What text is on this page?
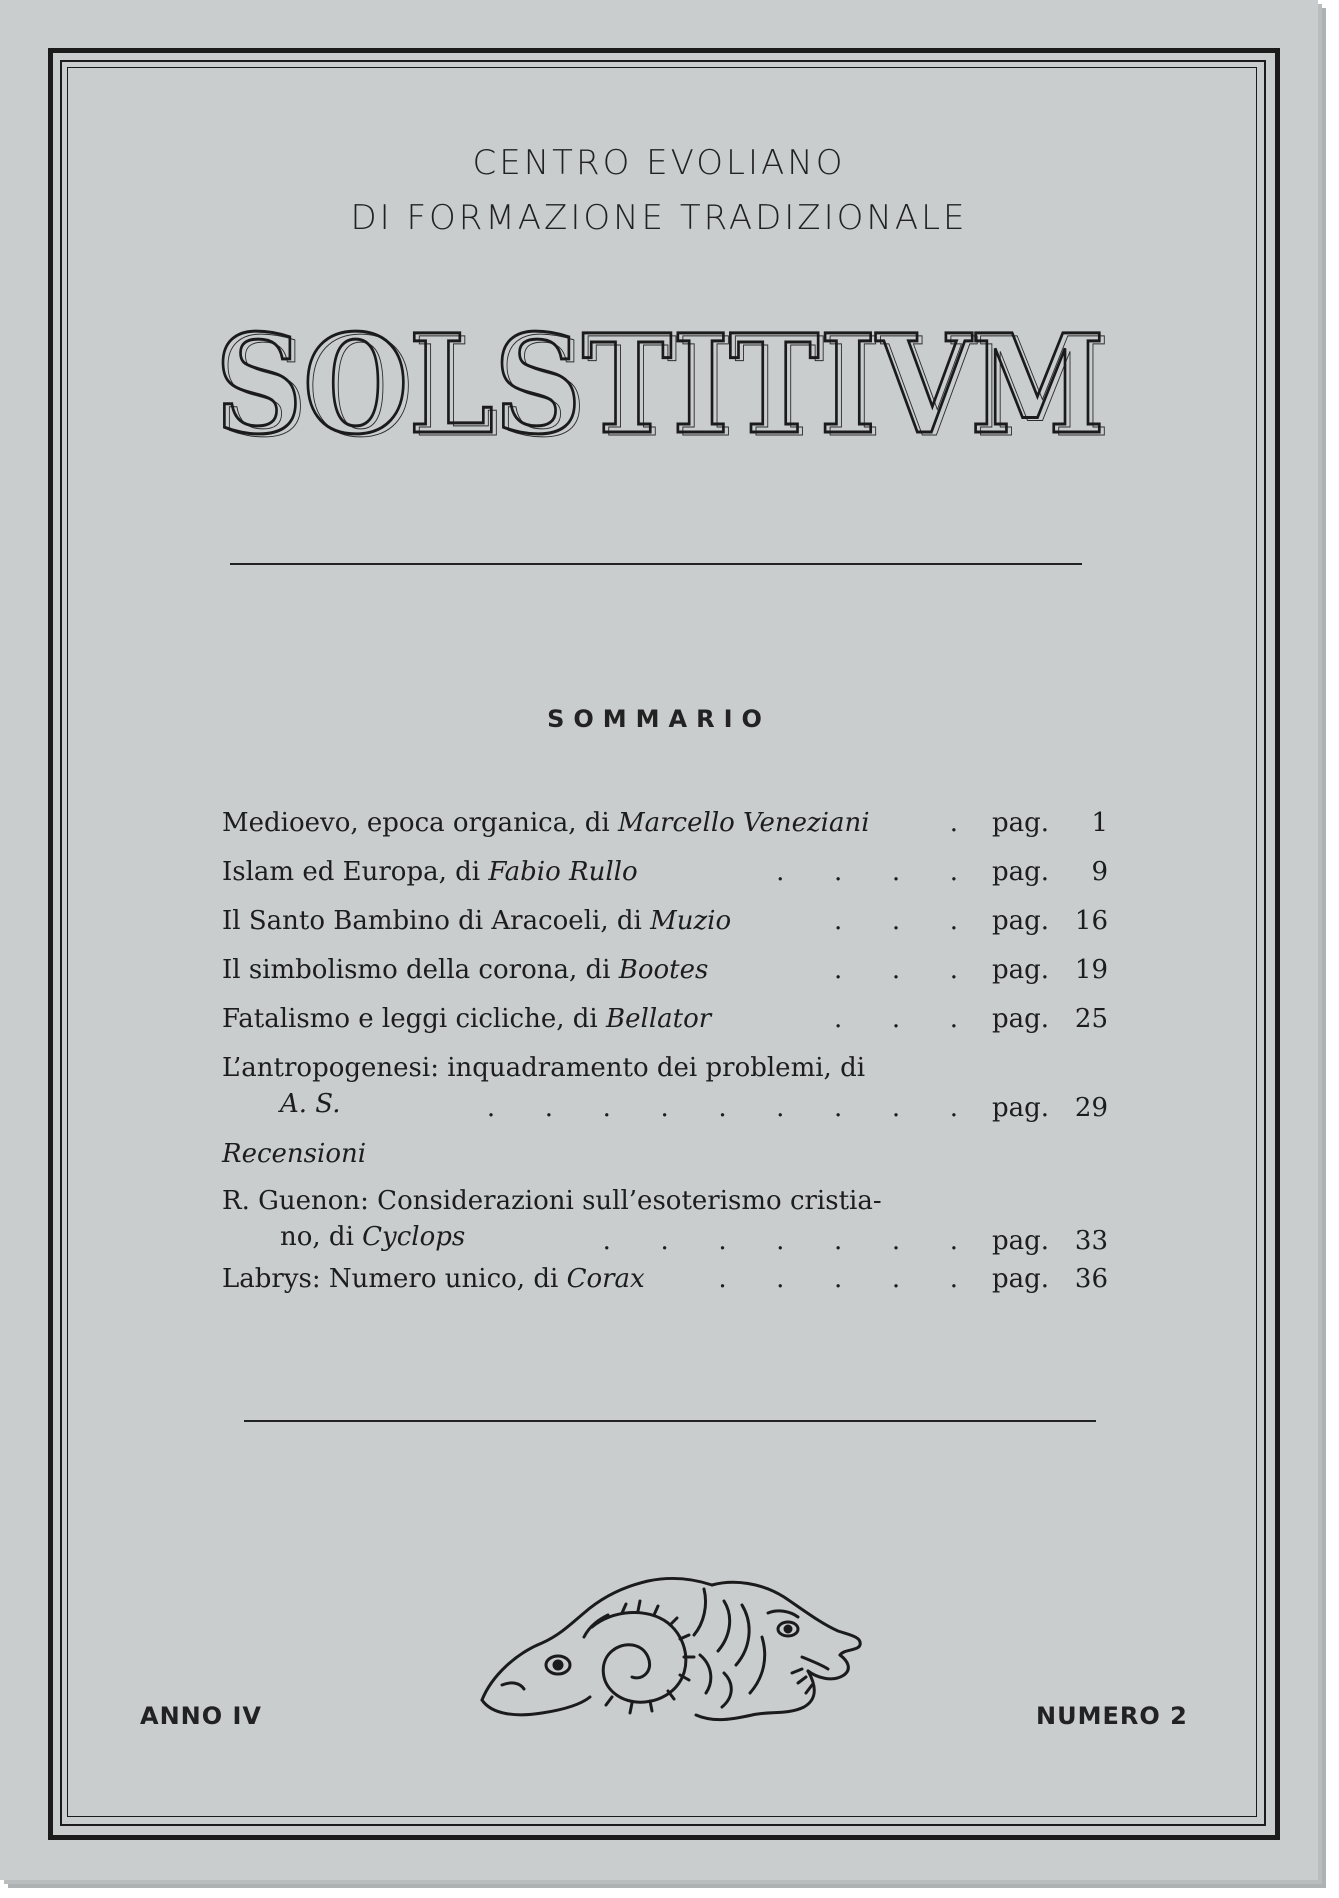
CENTRO EVOLIANO
DI FORMAZIONE TRADIZIONALE
SOLSTITIVM
SOLSTITIVM
SOMMARIO
Medioevo, epoca organica, di Marcello Veneziani	. pag. 1
Islam ed Europa, di Fabio Rullo	.      .      .      . pag. 9
Il Santo Bambino di Aracoeli, di Muzio	.      .      . pag. 16
Il simbolismo della corona, di Bootes	.      .      . pag. 19
Fatalismo e leggi cicliche, di Bellator	.      .      . pag. 25
L’antropogenesi: inquadramento dei problemi, di
A. S.	.      .      .      .      .      .      .      .      . pag. 29
Recensioni
R. Guenon: Considerazioni sull’esoterismo cristia-
no, di Cyclops	.      .      .      .      .      .      . pag. 33
Labrys: Numero unico, di Corax	.      .      .      .      . pag. 36
ANNO IV	NUMERO 2
